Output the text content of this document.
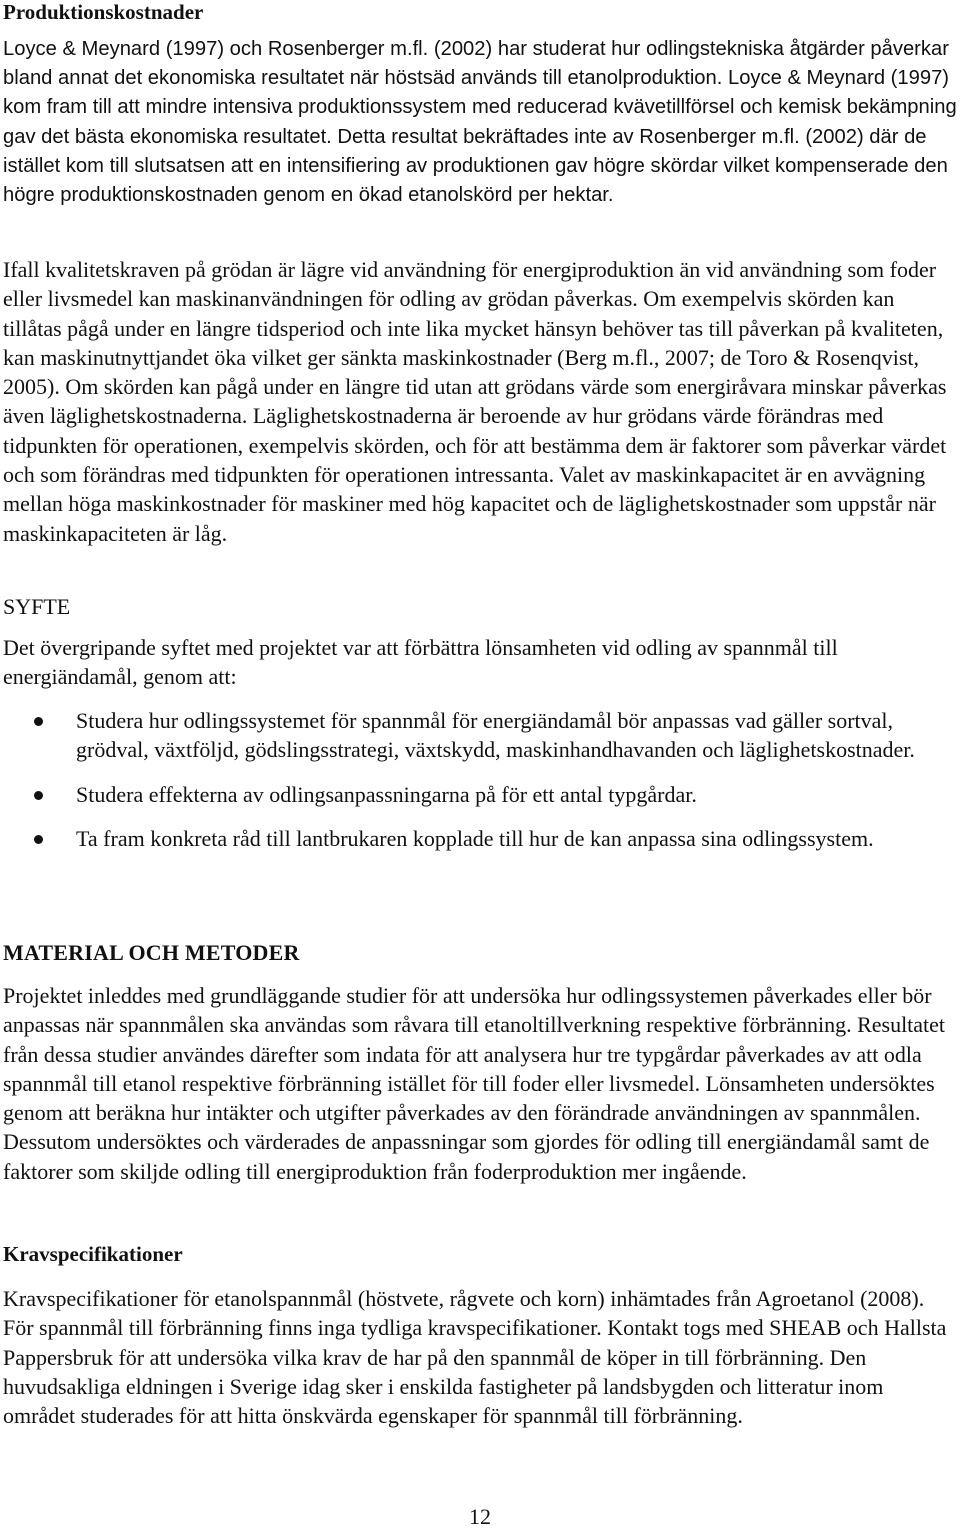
Produktionskostnader

Loyce & Meynard (1997) och Rosenberger m.fl. (2002) har studerat hur odlingstekniska åtgärder påverkar bland annat det ekonomiska resultatet när höstsäd används till etanolproduktion. Loyce & Meynard (1997) kom fram till att mindre intensiva produktionssystem med reducerad kvävetillförsel och kemisk bekämpning gav det bästa ekonomiska resultatet. Detta resultat bekräftades inte av Rosenberger m.fl. (2002) där de istället kom till slutsatsen att en intensifiering av produktionen gav högre skördar vilket kompenserade den högre produktionskostnaden genom en ökad etanolskörd per hektar.

Ifall kvalitetskraven på grödan är lägre vid användning för energiproduktion än vid användning som foder eller livsmedel kan maskinanvändningen för odling av grödan påverkas. Om exempelvis skörden kan tillåtas pågå under en längre tidsperiod och inte lika mycket hänsyn behöver tas till påverkan på kvaliteten, kan maskinutnyttjandet öka vilket ger sänkta maskinkostnader (Berg m.fl., 2007; de Toro & Rosenqvist, 2005). Om skörden kan pågå under en längre tid utan att grödans värde som energiråvara minskar påverkas även läglighetskostnaderna. Läglighetskostnaderna är beroende av hur grödans värde förändras med tidpunkten för operationen, exempelvis skörden, och för att bestämma dem är faktorer som påverkar värdet och som förändras med tidpunkten för operationen intressanta. Valet av maskinkapacitet är en avvägning mellan höga maskinkostnader för maskiner med hög kapacitet och de läglighetskostnader som uppstår när maskinkapaciteten är låg.

SYFTE

Det övergripande syftet med projektet var att förbättra lönsamheten vid odling av spannmål till energiändamål, genom att:

Studera hur odlingssystemet för spannmål för energiändamål bör anpassas vad gäller sortval, grödval, växtföljd, gödslingsstrategi, växtskydd, maskinhandhavanden och läglighetskostnader.
Studera effekterna av odlingsanpassningarna på för ett antal typgårdar.
Ta fram konkreta råd till lantbrukaren kopplade till hur de kan anpassa sina odlingssystem.
MATERIAL OCH METODER

Projektet inleddes med grundläggande studier för att undersöka hur odlingssystemen påverkades eller bör anpassas när spannmålen ska användas som råvara till etanoltillverkning respektive förbränning. Resultatet från dessa studier användes därefter som indata för att analysera hur tre typgårdar påverkades av att odla spannmål till etanol respektive förbränning istället för till foder eller livsmedel. Lönsamheten undersöktes genom att beräkna hur intäkter och utgifter påverkades av den förändrade användningen av spannmålen. Dessutom undersöktes och värderades de anpassningar som gjordes för odling till energiändamål samt de faktorer som skiljde odling till energiproduktion från foderproduktion mer ingående.

Kravspecifikationer

Kravspecifikationer för etanolspannmål (höstvete, rågvete och korn) inhämtades från Agroetanol (2008). För spannmål till förbränning finns inga tydliga kravspecifikationer. Kontakt togs med SHEAB och Hallsta Pappersbruk för att undersöka vilka krav de har på den spannmål de köper in till förbränning. Den huvudsakliga eldningen i Sverige idag sker i enskilda fastigheter på landsbygden och litteratur inom området studerades för att hitta önskvärda egenskaper för spannmål till förbränning.

12
